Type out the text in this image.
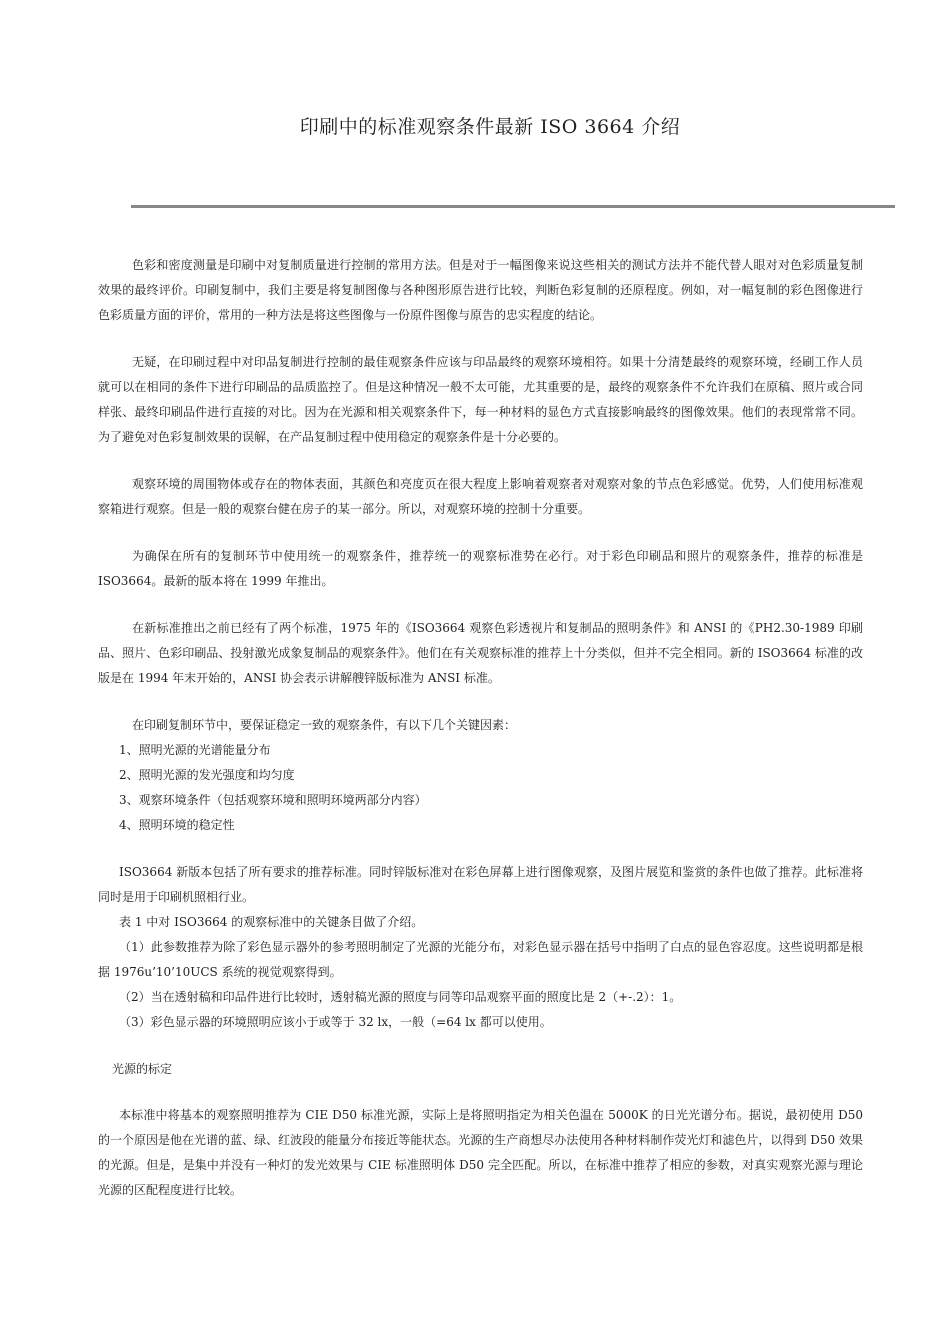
印刷中的标准观察条件最新 ISO 3664 介绍

色彩和密度测量是印刷中对复制质量进行控制的常用方法。但是对于一幅图像来说这些相关的测试方法并不能代替人眼对对色彩质量复制效果的最终评价。印刷复制中，我们主要是将复制图像与各种图形原告进行比较，判断色彩复制的还原程度。例如，对一幅复制的彩色图像进行色彩质量方面的评价，常用的一种方法是将这些图像与一份原件图像与原告的忠实程度的结论。

无疑，在印刷过程中对印品复制进行控制的最佳观察条件应该与印品最终的观察环境相符。如果十分清楚最终的观察环境，经刷工作人员就可以在相同的条件下进行印刷品的品质监控了。但是这种情况一般不太可能，尤其重要的是，最终的观察条件不允许我们在原稿、照片或合同样张、最终印刷品件进行直接的对比。因为在光源和相关观察条件下，每一种材料的显色方式直接影响最终的图像效果。他们的表现常常不同。为了避免对色彩复制效果的误解，在产品复制过程中使用稳定的观察条件是十分必要的。

观察环境的周围物体或存在的物体表面，其颜色和亮度页在很大程度上影响着观察者对观察对象的节点色彩感觉。优势，人们使用标准观察箱进行观察。但是一般的观察台健在房子的某一部分。所以，对观察环境的控制十分重要。

为确保在所有的复制环节中使用统一的观察条件，推荐统一的观察标准势在必行。对于彩色印刷品和照片的观察条件，推荐的标准是 ISO3664。最新的版本将在 1999 年推出。

在新标准推出之前已经有了两个标准，1975 年的《ISO3664 观察色彩透视片和复制品的照明条件》和 ANSI 的《PH2.30-1989 印刷品、照片、色彩印刷品、投射激光成象复制品的观察条件》。他们在有关观察标准的推荐上十分类似，但并不完全相同。新的 ISO3664 标准的改版是在 1994 年末开始的，ANSI 协会表示讲解艘锌版标准为 ANSI 标准。

在印刷复制环节中，要保证稳定一致的观察条件，有以下几个关键因素：

1、照明光源的光谱能量分布

2、照明光源的发光强度和均匀度

3、观察环境条件（包括观察环境和照明环境两部分内容）

4、照明环境的稳定性

ISO3664 新版本包括了所有要求的推荐标准。同时锌版标准对在彩色屏幕上进行图像观察，及图片展览和鉴赏的条件也做了推荐。此标准将同时是用于印刷机照相行业。

表 1 中对 ISO3664 的观察标准中的关键条目做了介绍。

（1）此参数推荐为除了彩色显示器外的参考照明制定了光源的光能分布，对彩色显示器在括号中指明了白点的显色容忍度。这些说明都是根据 1976u’10’10UCS 系统的视觉观察得到。

（2）当在透射稿和印品件进行比较时，透射稿光源的照度与同等印品观察平面的照度比是 2（+-.2）：1。

（3）彩色显示器的环境照明应该小于或等于 32 lx，一般（=64 lx 都可以使用。

光源的标定

本标准中将基本的观察照明推荐为 CIE D50 标准光源，实际上是将照明指定为相关色温在 5000K 的日光光谱分布。据说，最初使用 D50 的一个原因是他在光谱的蓝、绿、红波段的能量分布接近等能状态。光源的生产商想尽办法使用各种材料制作荧光灯和滤色片，以得到 D50 效果的光源。但是，是集中并没有一种灯的发光效果与 CIE 标准照明体 D50 完全匹配。所以，在标准中推荐了相应的参数，对真实观察光源与理论光源的区配程度进行比较。
